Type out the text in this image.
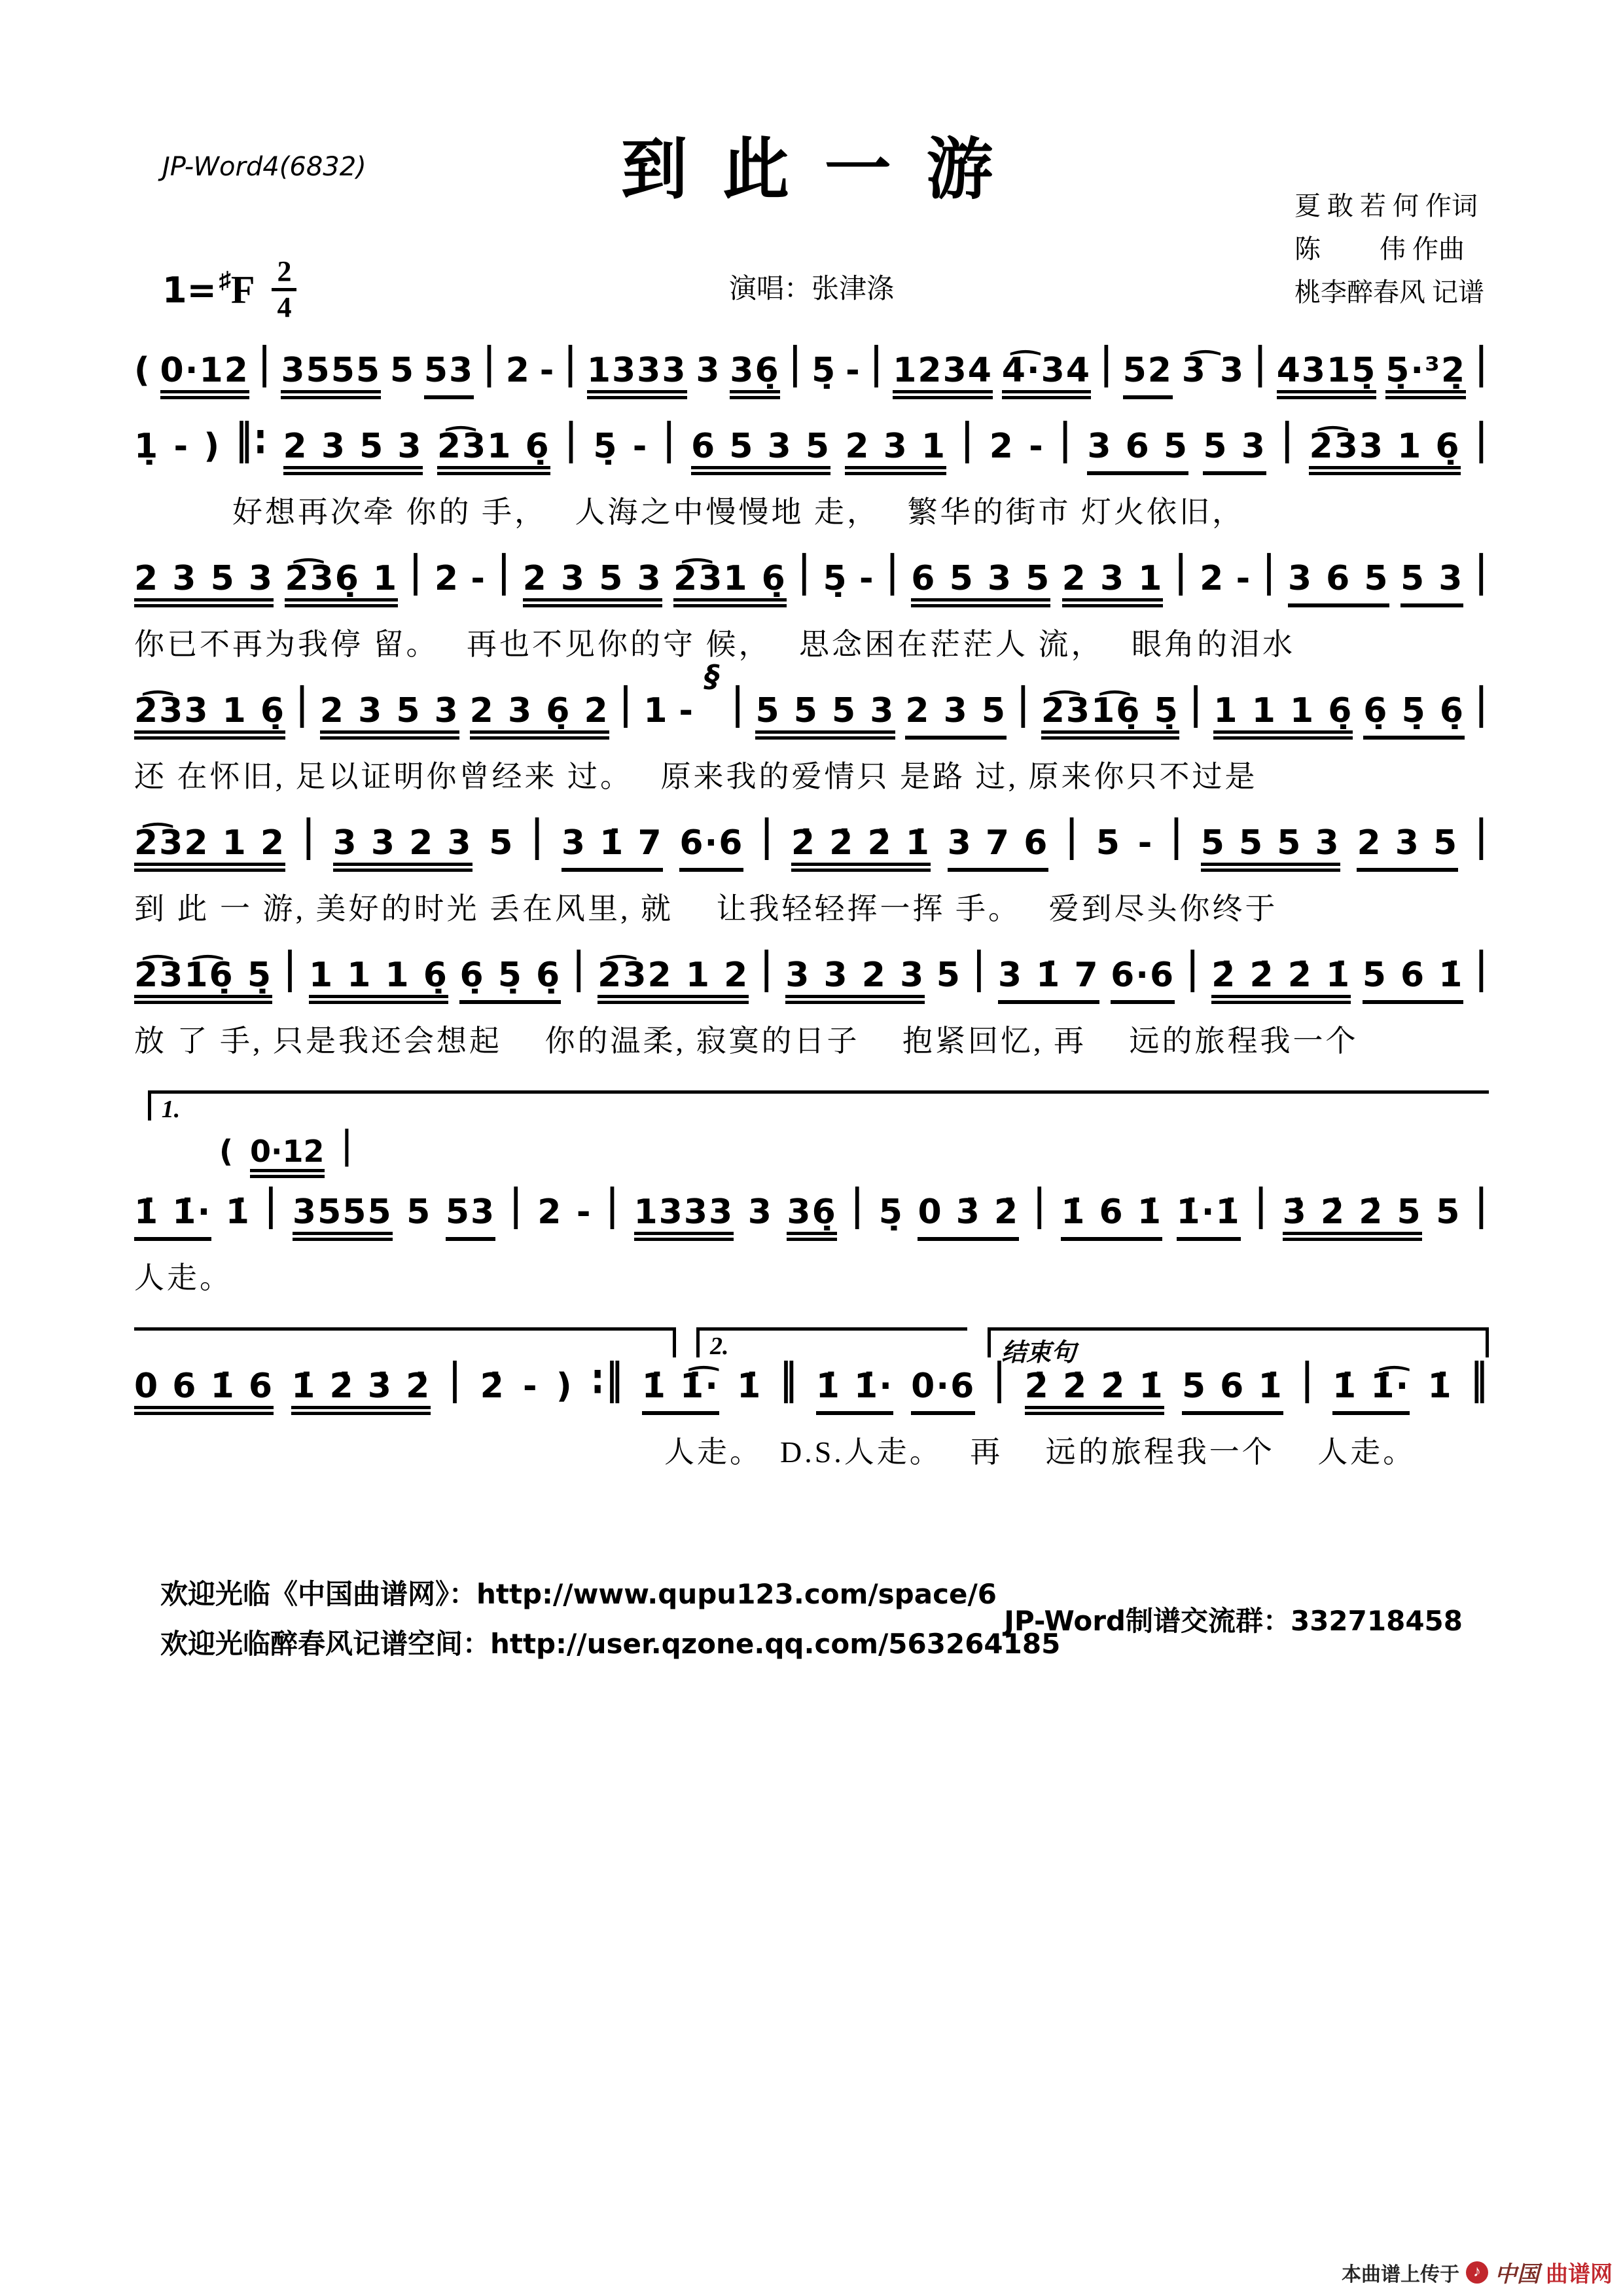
JP-Word4(6832)	到 此 一 游	夏 敢 若 何 作词
陈　　 伟 作曲
桃李醉春风 记谱
演唱：张津涤
1= ♯ F $\frac{2}{4}$
( 0·12 | 3555 5 53 | 2 - | 1333 3 36̣ | 5̣ - | 1234 4͡·34 | 52 3͡ 3 | 4315̣ 5̣·³2̣ |
1̣ - ) ‖: 2 3 5 3 2͡31 6̣ | 5̣ - | 6 5 3 5 2 3 1 | 2 - | 3 6 5 5 3 | 2͡33 1 6̣ |
好想再次牵 你的 手，　 人海之中慢慢地 走，　 繁华的街市 灯火依旧，
2 3 5 3 2͡36̣ 1 | 2 - | 2 3 5 3 2͡31 6̣ | 5̣ - | 6 5 3 5 2 3 1 | 2 - | 3 6 5 5 3 |
你已不再为我停 留。　 再也不见你的守 候，　 思念困在茫茫人 流，　 眼角的泪水
2͡33 1 6̣ | 2 3 5 3 2 3 6̣ 2 | 1 -
§
| 5 5 5 3 2 3 5 | 2͡31͡6̣ 5̣ | 1 1 1 6̣ 6̣ 5̣ 6̣ |
还 在怀旧, 足以证明你曾经来 过。　 原来我的爱情只 是路 过, 原来你只不过是
2͡32 1 2 | 3 3 2 3 5 | 3 1̇ 7 6·6 | 2̇ 2̇ 2̇ 1̇ 3 7 6 | 5 - | 5 5 5 3 2 3 5 |
到 此 一 游, 美好的时光 丢在风里, 就　 让我轻轻挥一挥 手。　 爱到尽头你终于
2͡31͡6̣ 5̣ | 1 1 1 6̣ 6̣ 5̣ 6̣ | 2͡32 1 2 | 3 3 2 3 5 | 3 1̇ 7 6·6 | 2̇ 2̇ 2̇ 1̇ 5 6 1̇ |
放 了 手, 只是我还会想起　 你的温柔, 寂寞的日子　 抱紧回忆, 再　 远的旅程我一个
1.
( 0·12 |
1̇ 1̇· 1̇ | 3555 5 53 | 2 - | 1333 3 36̣ | 5̣ 0 3̇ 2̇ | 1̇ 6 1̇ 1̇·1̇ | 3̇ 2̇ 2̇ 5 5 |
人走。
2.	结束句
0 6 1̇ 6 1̇ 2̇ 3̇ 2̇ | 2̇ - ) :‖ 1̇ 1̇͡· 1̇ ‖ 1̇ 1̇· 0·6 | 2̇ 2̇ 2̇ 1̇ 5 6 1̇ | 1̇ 1̇͡· 1̇ ‖
人走。　D.S.人走。　 再　 远的旅程我一个　 人走。
欢迎光临《中国曲谱网》：http://www.qupu123.com/space/6
欢迎光临醉春风记谱空间：http://user.qzone.qq.com/563264185
JP-Word制谱交流群：332718458
本曲谱上传于 ♪ 中国 曲谱网
